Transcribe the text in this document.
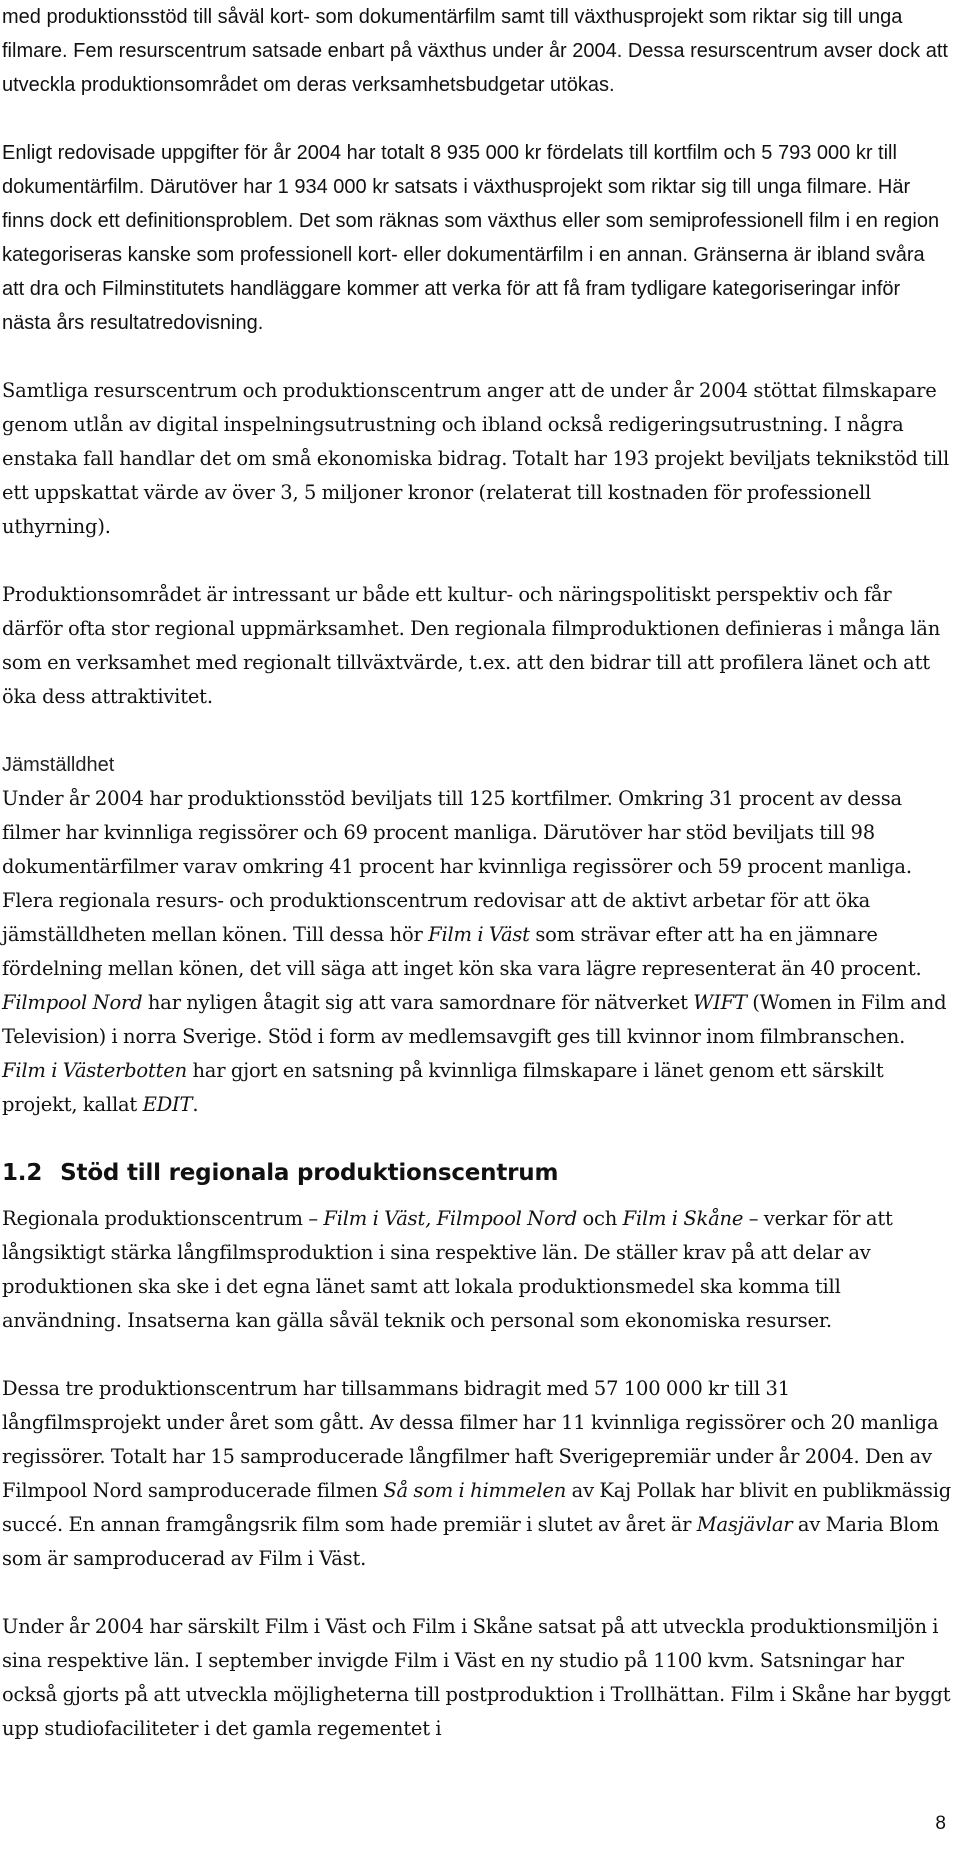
med produktionsstöd till såväl kort- som dokumentärfilm samt till växthusprojekt som riktar sig till unga filmare. Fem resurscentrum satsade enbart på växthus under år 2004. Dessa resurscentrum avser dock att utveckla produktionsområdet om deras verksamhetsbudgetar utökas.

Enligt redovisade uppgifter för år 2004 har totalt 8 935 000 kr fördelats till kortfilm och 5 793 000 kr till dokumentärfilm. Därutöver har 1 934 000 kr satsats i växthusprojekt som riktar sig till unga filmare. Här finns dock ett definitionsproblem. Det som räknas som växthus eller som semiprofessionell film i en region kategoriseras kanske som professionell kort- eller dokumentärfilm i en annan. Gränserna är ibland svåra att dra och Filminstitutets handläggare kommer att verka för att få fram tydligare kategoriseringar inför nästa års resultatredovisning.

Samtliga resurscentrum och produktionscentrum anger att de under år 2004 stöttat filmskapare genom utlån av digital inspelningsutrustning och ibland också redigeringsutrustning. I några enstaka fall handlar det om små ekonomiska bidrag. Totalt har 193 projekt beviljats teknikstöd till ett uppskattat värde av över 3, 5 miljoner kronor (relaterat till kostnaden för professionell uthyrning).

Produktionsområdet är intressant ur både ett kultur- och näringspolitiskt perspektiv och får därför ofta stor regional uppmärksamhet. Den regionala filmproduktionen definieras i många län som en verksamhet med regionalt tillväxtvärde, t.ex. att den bidrar till att profilera länet och att öka dess attraktivitet.

Jämställdhet

Under år 2004 har produktionsstöd beviljats till 125 kortfilmer. Omkring 31 procent av dessa filmer har kvinnliga regissörer och 69 procent manliga. Därutöver har stöd beviljats till 98 dokumentärfilmer varav omkring 41 procent har kvinnliga regissörer och 59 procent manliga. Flera regionala resurs- och produktionscentrum redovisar att de aktivt arbetar för att öka jämställdheten mellan könen. Till dessa hör Film i Väst som strävar efter att ha en jämnare fördelning mellan könen, det vill säga att inget kön ska vara lägre representerat än 40 procent. Filmpool Nord har nyligen åtagit sig att vara samordnare för nätverket WIFT (Women in Film and Television) i norra Sverige. Stöd i form av medlemsavgift ges till kvinnor inom filmbranschen. Film i Västerbotten har gjort en satsning på kvinnliga filmskapare i länet genom ett särskilt projekt, kallat EDIT.

1.2 Stöd till regionala produktionscentrum

Regionala produktionscentrum – Film i Väst, Filmpool Nord och Film i Skåne – verkar för att långsiktigt stärka långfilmsproduktion i sina respektive län. De ställer krav på att delar av produktionen ska ske i det egna länet samt att lokala produktionsmedel ska komma till användning. Insatserna kan gälla såväl teknik och personal som ekonomiska resurser.

Dessa tre produktionscentrum har tillsammans bidragit med 57 100 000 kr till 31 långfilmsprojekt under året som gått. Av dessa filmer har 11 kvinnliga regissörer och 20 manliga regissörer. Totalt har 15 samproducerade långfilmer haft Sverigepremiär under år 2004. Den av Filmpool Nord samproducerade filmen Så som i himmelen av Kaj Pollak har blivit en publikmässig succé. En annan framgångsrik film som hade premiär i slutet av året är Masjävlar av Maria Blom som är samproducerad av Film i Väst.

Under år 2004 har särskilt Film i Väst och Film i Skåne satsat på att utveckla produktionsmiljön i sina respektive län. I september invigde Film i Väst en ny studio på 1100 kvm. Satsningar har också gjorts på att utveckla möjligheterna till postproduktion i Trollhättan. Film i Skåne har byggt upp studiofaciliteter i det gamla regementet i

8
